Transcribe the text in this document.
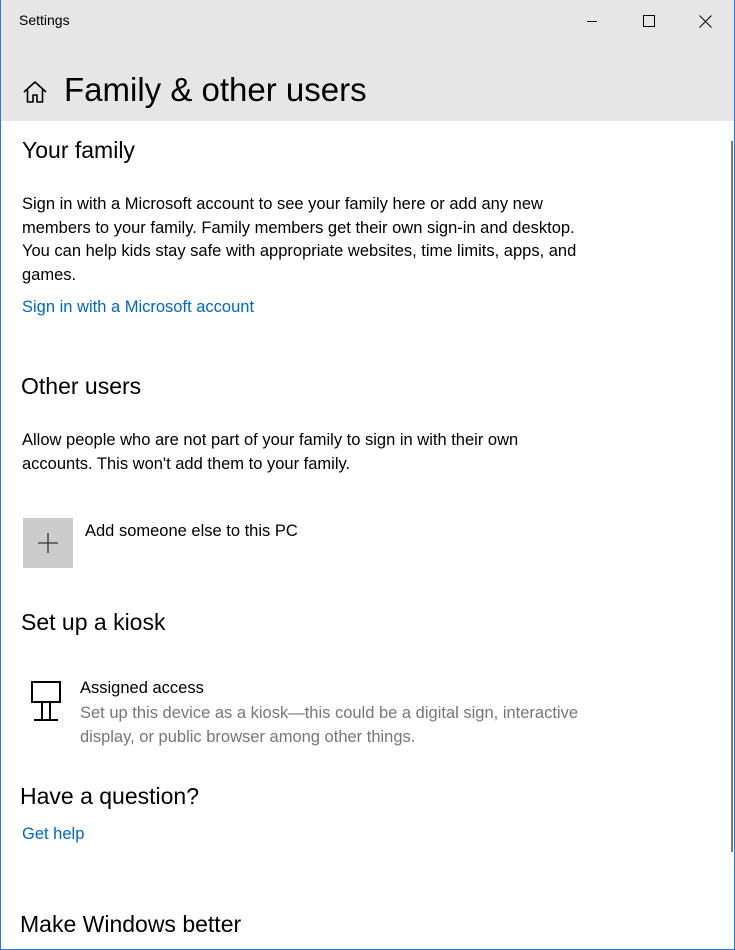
Settings
Family & other users
Your family

Sign in with a Microsoft account to see your family here or add any new members to your family. Family members get their own sign-in and desktop. You can help kids stay safe with appropriate websites, time limits, apps, and games.

Sign in with a Microsoft account
Other users

Allow people who are not part of your family to sign in with their own accounts. This won't add them to your family.

Add someone else to this PC
Set up a kiosk
Assigned access
Set up this device as a kiosk—this could be a digital sign, interactive display, or public browser among other things.
Have a question?
Get help
Make Windows better
